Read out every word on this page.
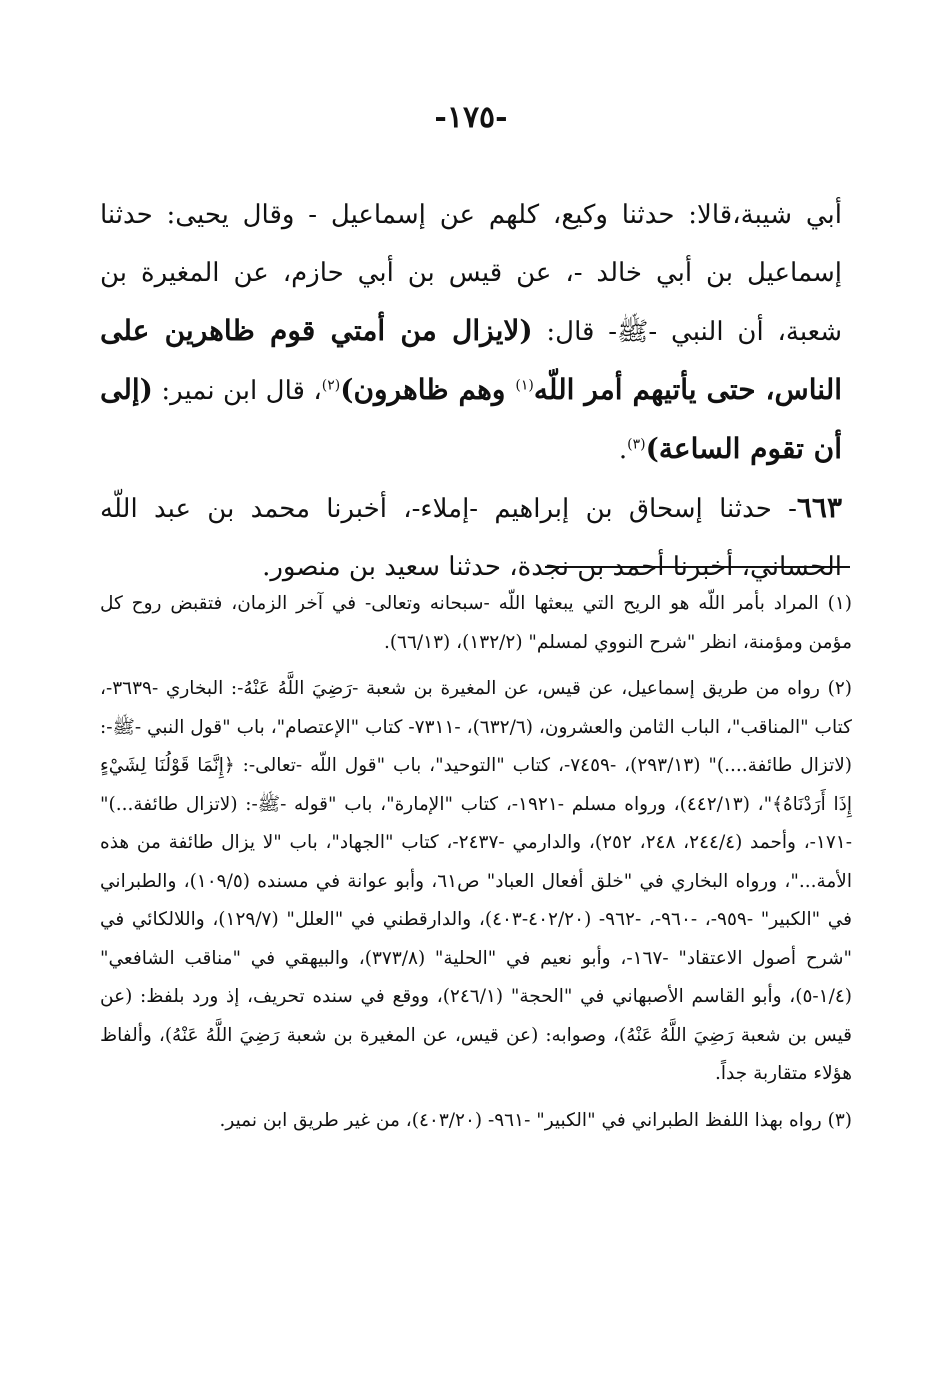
-١٧٥-

أبي شيبة،قالا: حدثنا وكيع، كلهم عن إسماعيل - وقال يحيى: حدثنا إسماعيل بن أبي خالد -، عن قيس بن أبي حازم، عن المغيرة بن شعبة، أن النبي -ﷺ- قال: (لايزال من أمتي قوم ظاهرين على الناس، حتى يأتيهم أمر اللّه$^{(١)}$ وهم ظاهرون)$^{(٢)}$، قال ابن نمير: (إلى أن تقوم الساعة)$^{(٣)}$.

٦٦٣- حدثنا إسحاق بن إبراهيم -إملاء-، أخبرنا محمد بن عبد اللّه الحساني، أخبرنا أحمد بن نجدة، حدثنا سعيد بن منصور.

(١) المراد بأمر اللّه هو الريح التي يبعثها اللّه -سبحانه وتعالى- في آخر الزمان، فتقبض روح كل مؤمن ومؤمنة، انظر "شرح النووي لمسلم" (١٣٢/٢)، (٦٦/١٣).

(٢) رواه من طريق إسماعيل، عن قيس، عن المغيرة بن شعبة -رَضِيَ اللَّهُ عَنْهُ-: البخاري -٣٦٣٩-، كتاب "المناقب"، الباب الثامن والعشرون، (٦٣٢/٦)، -٧٣١١- كتاب "الإعتصام"، باب "قول النبي -ﷺ-: (لاتزال طائفة....)" (٢٩٣/١٣)، -٧٤٥٩-، كتاب "التوحيد"، باب "قول اللّه -تعالى-: ﴿إِنَّمَا قَوْلُنَا لِشَيْءٍ إِذَا أَرَدْنَاهُ﴾"، (٤٤٢/١٣)، ورواه مسلم -١٩٢١-، كتاب "الإمارة"، باب "قوله -ﷺ-: (لاتزال طائفة...)" -١٧١-، وأحمد (٢٤٤/٤، ٢٤٨، ٢٥٢)، والدارمي -٢٤٣٧-، كتاب "الجهاد"، باب "لا يزال طائفة من هذه الأمة..."، ورواه البخاري في "خلق أفعال العباد" ص٦١، وأبو عوانة في مسنده (١٠٩/٥)، والطبراني في "الكبير" -٩٥٩-، -٩٦٠-، -٩٦٢- (٤٠٢/٢٠-٤٠٣)، والدارقطني في "العلل" (١٢٩/٧)، واللالكائي في "شرح أصول الاعتقاد" -١٦٧-، وأبو نعيم في "الحلية" (٣٧٣/٨)، والبيهقي في "مناقب الشافعي" (١/٤-٥)، وأبو القاسم الأصبهاني في "الحجة" (٢٤٦/١)، ووقع في سنده تحريف، إذ ورد بلفظ: (عن قيس بن شعبة رَضِيَ اللَّهُ عَنْهُ)، وصوابه: (عن قيس، عن المغيرة بن شعبة رَضِيَ اللَّهُ عَنْهُ)، وألفاظ هؤلاء متقاربة جداً.

(٣) رواه بهذا اللفظ الطبراني في "الكبير" -٩٦١- (٤٠٣/٢٠)، من غير طريق ابن نمير.
